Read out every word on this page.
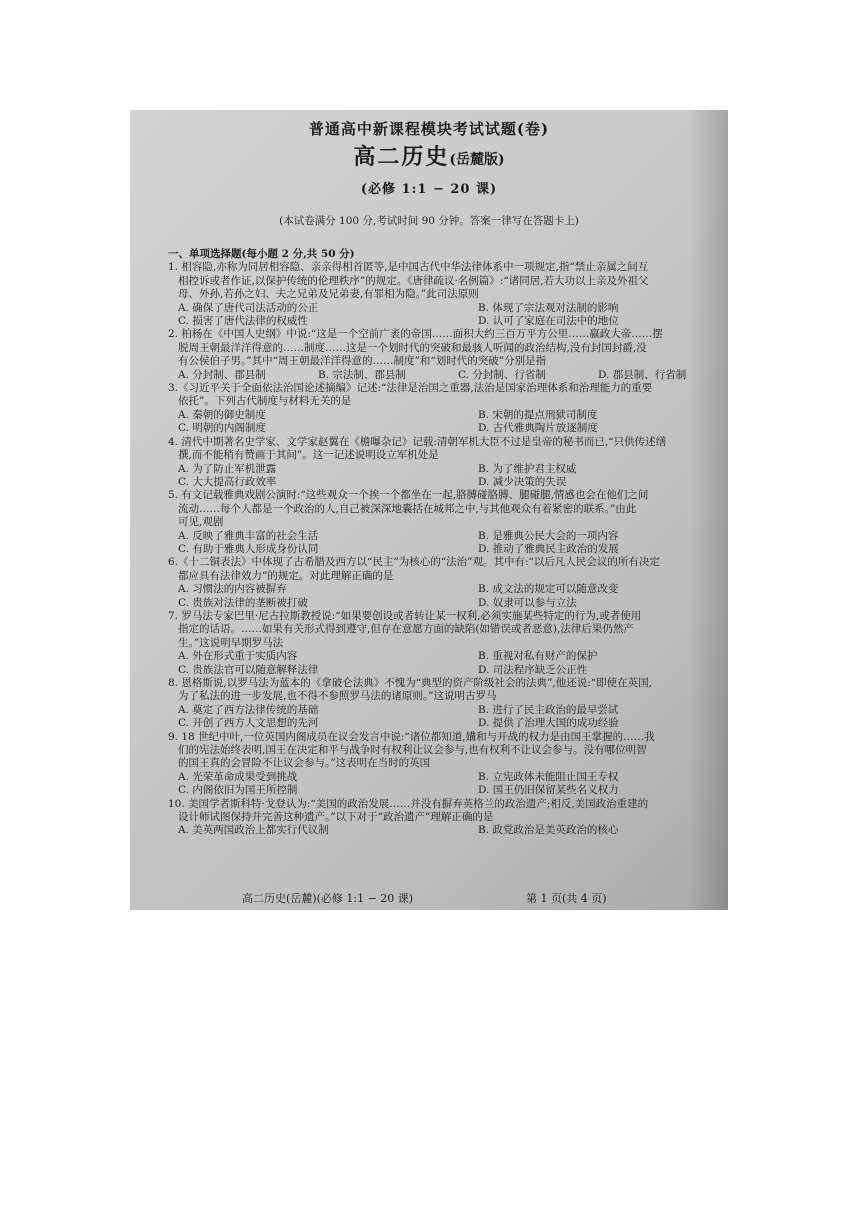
普通高中新课程模块考试试题(卷)
高二历史(岳麓版)
(必修 1:1 − 20 课)
(本试卷满分 100 分,考试时间 90 分钟。答案一律写在答题卡上)
一、单项选择题(每小题 2 分,共 50 分)
1. 相容隐,亦称为同居相容隐、亲亲得相首匿等,是中国古代中华法律体系中一项规定,指“禁止亲属之间互
相控诉或者作证,以保护传统的伦理秩序”的规定。《唐律疏议·名例篇》:“诸同居,若大功以上亲及外祖父
母、外孙,若孙之妇、夫之兄弟及兄弟妻,有罪相为隐。”此司法原则
A. 确保了唐代司法活动的公正	B. 体现了宗法观对法制的影响
C. 损害了唐代法律的权威性	D. 认可了家庭在司法中的地位
2. 柏杨在《中国人史纲》中说:“这是一个空前广袤的帝国……面积大约三百万平方公里……嬴政大帝……摆
脱周王朝最洋洋得意的……制度……这是一个划时代的突破和最骇人听闻的政治结构,没有封国封爵,没
有公侯伯子男。”其中“周王朝最洋洋得意的……制度”和“划时代的突破”分别是指
A. 分封制、郡县制	B. 宗法制、郡县制	C. 分封制、行省制	D. 郡县制、行省制
3.《习近平关于全面依法治国论述摘编》记述:“法律是治国之重器,法治是国家治理体系和治理能力的重要
依托”。下列古代制度与材料无关的是
A. 秦朝的御史制度	B. 宋朝的提点刑狱司制度
C. 明朝的内阁制度	D. 古代雅典陶片放逐制度
4. 清代中期著名史学家、文学家赵翼在《檐曝杂记》记载:清朝军机大臣不过是皇帝的秘书而已,“只供传述缮
撰,而不能稍有赞画于其间”。这一记述说明设立军机处是
A. 为了防止军机泄露	B. 为了维护君主权威
C. 大大提高行政效率	D. 减少决策的失误
5. 有文记载雅典戏剧公演时:“这些观众一个挨一个都坐在一起,胳膊碰胳膊、腿碰腿,情感也会在他们之间
流动……每个人都是一个政治的人,自己被深深地囊括在城邦之中,与其他观众有着紧密的联系。”由此
可见,观剧
A. 反映了雅典丰富的社会生活	B. 是雅典公民大会的一项内容
C. 有助于雅典人形成身份认同	D. 推动了雅典民主政治的发展
6.《十二铜表法》中体现了古希腊及西方以“民主”为核心的“法治”观。其中有:“以后凡人民会议的所有决定
都应具有法律效力”的规定。对此理解正确的是
A. 习惯法的内容被摒弃	B. 成文法的规定可以随意改变
C. 贵族对法律的垄断被打破	D. 奴隶可以参与立法
7. 罗马法专家巴里·尼古拉斯教授说:“如果要创设或者转让某一权利,必须实施某些特定的行为,或者使用
指定的话语。……如果有关形式得到遵守,但存在意愿方面的缺陷(如错误或者恶意),法律后果仍然产
生。”这说明早期罗马法
A. 外在形式重于实质内容	B. 重视对私有财产的保护
C. 贵族法官可以随意解释法律	D. 司法程序缺乏公正性
8. 恩格斯说,以罗马法为蓝本的《拿破仑法典》不愧为“典型的资产阶级社会的法典”,他还说:“即使在英国,
为了私法的进一步发展,也不得不参照罗马法的诸原则。”这说明古罗马
A. 奠定了西方法律传统的基础	B. 进行了民主政治的最早尝试
C. 开创了西方人文思想的先河	D. 提供了治理大国的成功经验
9. 18 世纪中叶,一位英国内阁成员在议会发言中说:“诸位都知道,媾和与开战的权力是由国王掌握的……我
们的宪法始终表明,国王在决定和平与战争时有权利让议会参与,也有权利不让议会参与。没有哪位明智
的国王真的会冒险不让议会参与。”这表明在当时的英国
A. 光荣革命成果受到挑战	B. 立宪政体未能阻止国王专权
C. 内阁依旧为国王所控制	D. 国王仍旧保留某些名义权力
10. 美国学者斯科特·戈登认为:“美国的政治发展……并没有摒弃英格兰的政治遗产;相反,美国政治重建的
设计师试图保持并完善这种遗产。”以下对于“政治遗产”理解正确的是
A. 美英两国政治上都实行代议制	B. 政党政治是美英政治的核心
高二历史(岳麓)(必修 1:1 − 20 课)	第 1 页(共 4 页)
